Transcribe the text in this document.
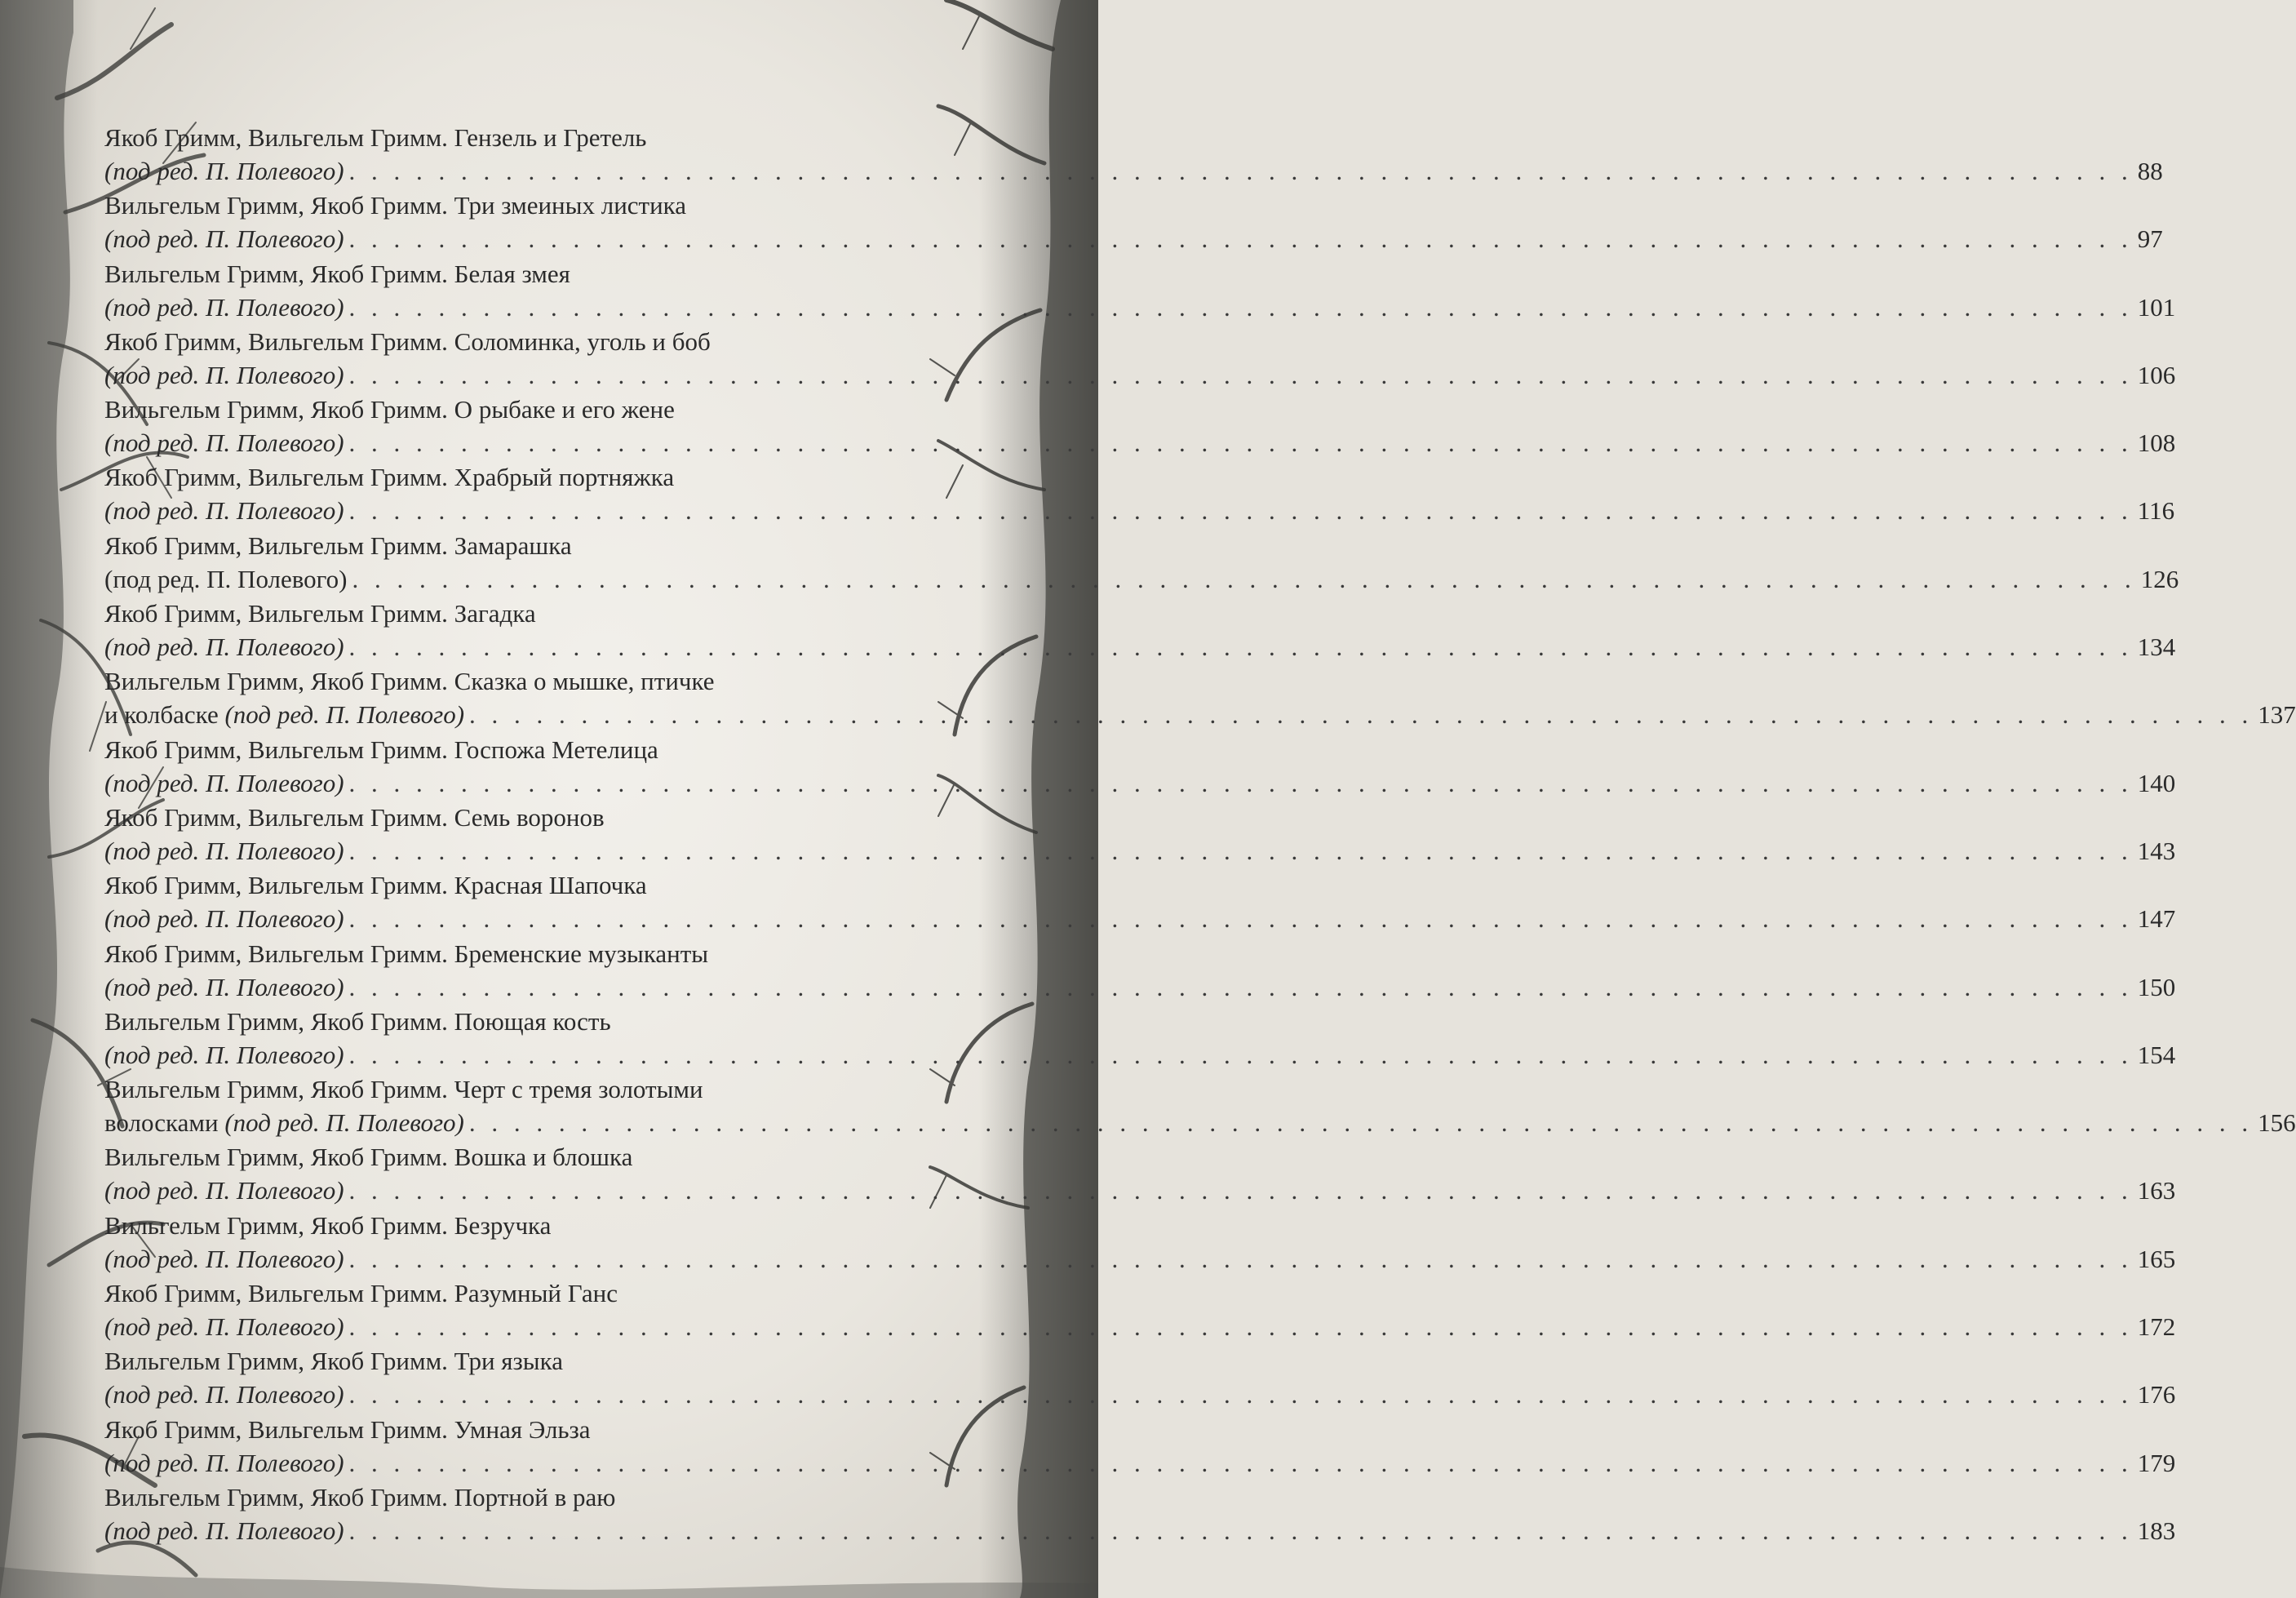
Якоб Гримм, Вильгельм Гримм. Гензель и Гретель
(под ред. П. Полевого) . . . . . . . . . . . . . . . . . . . . . . . . . . . . . . . . . . . . . . . . . . . . . . . . . . . . . . . . . . . . . . . . . . . . . . . . . . . . . . . . 88
Вильгельм Гримм, Якоб Гримм. Три змеиных листика
(под ред. П. Полевого) . . . . . . . . . . . . . . . . . . . . . . . . . . . . . . . . . . . . . . . . . . . . . . . . . . . . . . . . . . . . . . . . . . . . . . . . . . . . . . . . 97
Вильгельм Гримм, Якоб Гримм. Белая змея
(под ред. П. Полевого) . . . . . . . . . . . . . . . . . . . . . . . . . . . . . . . . . . . . . . . . . . . . . . . . . . . . . . . . . . . . . . . . . . . . . . . . . . . . . . . . 101
Якоб Гримм, Вильгельм Гримм. Соломинка, уголь и боб
(под ред. П. Полевого) . . . . . . . . . . . . . . . . . . . . . . . . . . . . . . . . . . . . . . . . . . . . . . . . . . . . . . . . . . . . . . . . . . . . . . . . . . . . . . . . 106
Вильгельм Гримм, Якоб Гримм. О рыбаке и его жене
(под ред. П. Полевого) . . . . . . . . . . . . . . . . . . . . . . . . . . . . . . . . . . . . . . . . . . . . . . . . . . . . . . . . . . . . . . . . . . . . . . . . . . . . . . . . 108
Якоб Гримм, Вильгельм Гримм. Храбрый портняжка
(под ред. П. Полевого) . . . . . . . . . . . . . . . . . . . . . . . . . . . . . . . . . . . . . . . . . . . . . . . . . . . . . . . . . . . . . . . . . . . . . . . . . . . . . . . . 116
Якоб Гримм, Вильгельм Гримм. Замарашка
(под ред. П. Полевого) . . . . . . . . . . . . . . . . . . . . . . . . . . . . . . . . . . . . . . . . . . . . . . . . . . . . . . . . . . . . . . . . . . . . . . . . . . . . . . . . 126
Якоб Гримм, Вильгельм Гримм. Загадка
(под ред. П. Полевого) . . . . . . . . . . . . . . . . . . . . . . . . . . . . . . . . . . . . . . . . . . . . . . . . . . . . . . . . . . . . . . . . . . . . . . . . . . . . . . . . 134
Вильгельм Гримм, Якоб Гримм. Сказка о мышке, птичке
и колбаске (под ред. П. Полевого) . . . . . . . . . . . . . . . . . . . . . . . . . . . . . . . . . . . . . . . . . . . . . . . . . . . . . . . . . . . . . . . . . . . . . . . . . . . . . . . . 137
Якоб Гримм, Вильгельм Гримм. Госпожа Метелица
(под ред. П. Полевого) . . . . . . . . . . . . . . . . . . . . . . . . . . . . . . . . . . . . . . . . . . . . . . . . . . . . . . . . . . . . . . . . . . . . . . . . . . . . . . . . 140
Якоб Гримм, Вильгельм Гримм. Семь воронов
(под ред. П. Полевого) . . . . . . . . . . . . . . . . . . . . . . . . . . . . . . . . . . . . . . . . . . . . . . . . . . . . . . . . . . . . . . . . . . . . . . . . . . . . . . . . 143
Якоб Гримм, Вильгельм Гримм. Красная Шапочка
(под ред. П. Полевого) . . . . . . . . . . . . . . . . . . . . . . . . . . . . . . . . . . . . . . . . . . . . . . . . . . . . . . . . . . . . . . . . . . . . . . . . . . . . . . . . 147
Якоб Гримм, Вильгельм Гримм. Бременские музыканты
(под ред. П. Полевого) . . . . . . . . . . . . . . . . . . . . . . . . . . . . . . . . . . . . . . . . . . . . . . . . . . . . . . . . . . . . . . . . . . . . . . . . . . . . . . . . 150
Вильгельм Гримм, Якоб Гримм. Поющая кость
(под ред. П. Полевого) . . . . . . . . . . . . . . . . . . . . . . . . . . . . . . . . . . . . . . . . . . . . . . . . . . . . . . . . . . . . . . . . . . . . . . . . . . . . . . . . 154
Вильгельм Гримм, Якоб Гримм. Черт с тремя золотыми
волосками (под ред. П. Полевого) . . . . . . . . . . . . . . . . . . . . . . . . . . . . . . . . . . . . . . . . . . . . . . . . . . . . . . . . . . . . . . . . . . . . . . . . . . . . . . . . 156
Вильгельм Гримм, Якоб Гримм. Вошка и блошка
(под ред. П. Полевого) . . . . . . . . . . . . . . . . . . . . . . . . . . . . . . . . . . . . . . . . . . . . . . . . . . . . . . . . . . . . . . . . . . . . . . . . . . . . . . . . 163
Вильгельм Гримм, Якоб Гримм. Безручка
(под ред. П. Полевого) . . . . . . . . . . . . . . . . . . . . . . . . . . . . . . . . . . . . . . . . . . . . . . . . . . . . . . . . . . . . . . . . . . . . . . . . . . . . . . . . 165
Якоб Гримм, Вильгельм Гримм. Разумный Ганс
(под ред. П. Полевого) . . . . . . . . . . . . . . . . . . . . . . . . . . . . . . . . . . . . . . . . . . . . . . . . . . . . . . . . . . . . . . . . . . . . . . . . . . . . . . . . 172
Вильгельм Гримм, Якоб Гримм. Три языка
(под ред. П. Полевого) . . . . . . . . . . . . . . . . . . . . . . . . . . . . . . . . . . . . . . . . . . . . . . . . . . . . . . . . . . . . . . . . . . . . . . . . . . . . . . . . 176
Якоб Гримм, Вильгельм Гримм. Умная Эльза
(под ред. П. Полевого) . . . . . . . . . . . . . . . . . . . . . . . . . . . . . . . . . . . . . . . . . . . . . . . . . . . . . . . . . . . . . . . . . . . . . . . . . . . . . . . . 179
Вильгельм Гримм, Якоб Гримм. Портной в раю
(под ред. П. Полевого) . . . . . . . . . . . . . . . . . . . . . . . . . . . . . . . . . . . . . . . . . . . . . . . . . . . . . . . . . . . . . . . . . . . . . . . . . . . . . . . . 183
